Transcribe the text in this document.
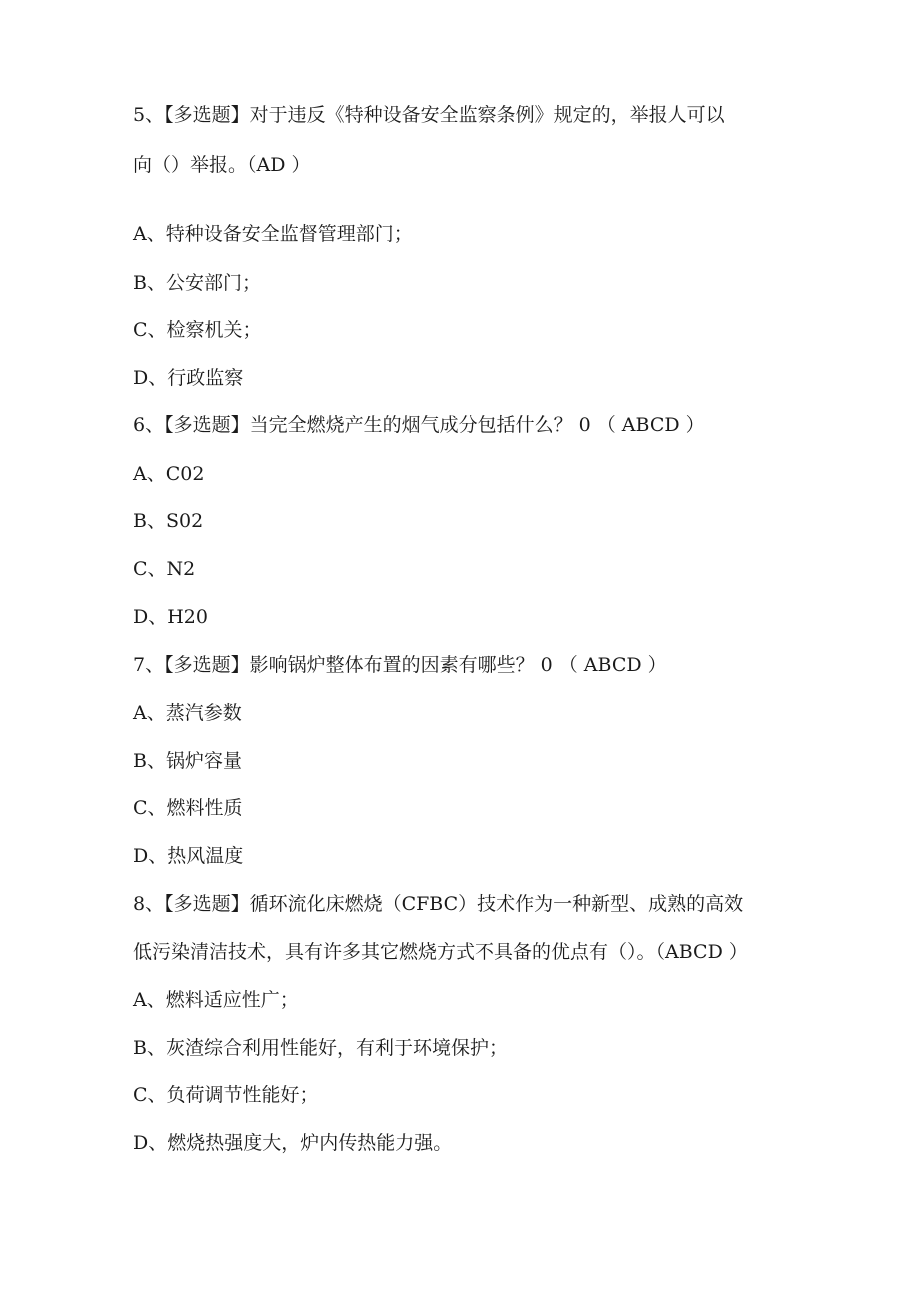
5、【多选题】对于违反《特种设备安全监察条例》规定的，举报人可以
向（）举报。（AD ）
A、特种设备安全监督管理部门；
B、公安部门；
C、检察机关；
D、行政监察
6、【多选题】当完全燃烧产生的烟气成分包括什么？ 0 （ ABCD ）
A、C02
B、S02
C、N2
D、H20
7、【多选题】影响锅炉整体布置的因素有哪些？ 0 （ ABCD ）
A、蒸汽参数
B、锅炉容量
C、燃料性质
D、热风温度
8、【多选题】循环流化床燃烧（CFBC）技术作为一种新型、成熟的高效
低污染清洁技术，具有许多其它燃烧方式不具备的优点有（）。（ABCD ）
A、燃料适应性广；
B、灰渣综合利用性能好，有利于环境保护；
C、负荷调节性能好；
D、燃烧热强度大，炉内传热能力强。
